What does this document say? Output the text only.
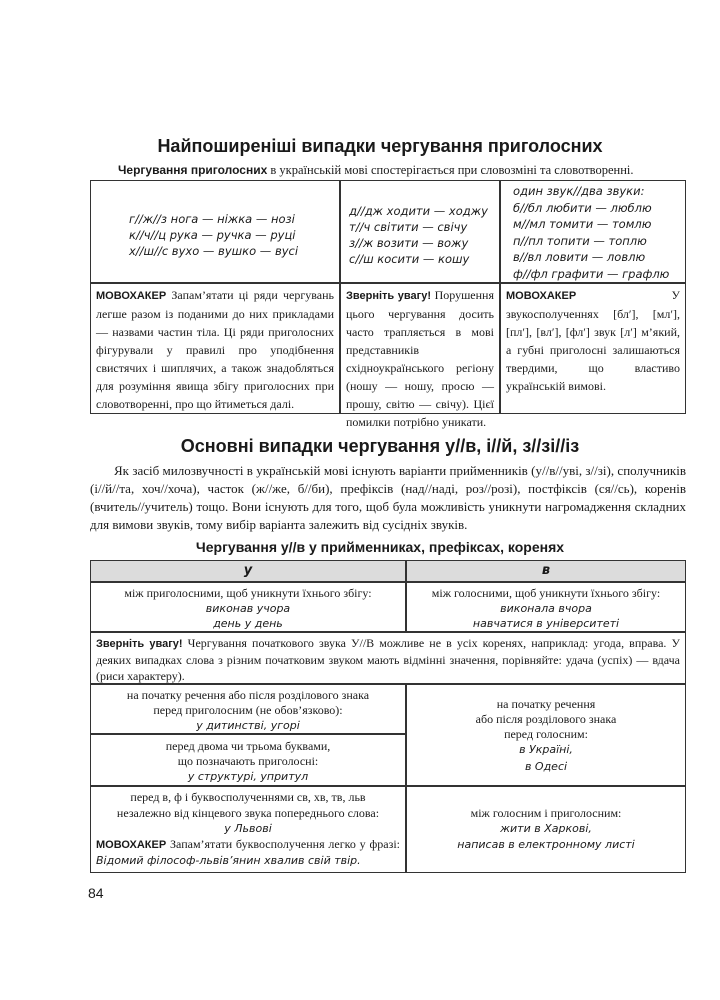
Найпоширеніші випадки чергування приголосних
Чергування приголосних в українській мові спостерігається при словозміні та словотворенні.
г//ж//з нога — ніжка — нозі
к//ч//ц рука — ручка — руці
х//ш//с вухо — вушко — вусі
д//дж ходити — ходжу
т//ч світити — свічу
з//ж возити — вожу
с//ш косити — кошу
один звук//два звуки:
б//бл любити — люблю
м//мл томити — томлю
п//пл топити — топлю
в//вл ловити — ловлю
ф//фл графити — графлю
МОВОХАКЕР Запам’ятати ці ряди чергувань легше разом із поданими до них прикладами — назвами частин тіла. Ці ряди приголосних фігурували у правилі про уподібнення свистячих і шиплячих, а також знадобляться для розуміння явища збігу приголосних при словотворенні, про що йтиметься далі.
Зверніть увагу! Порушення цього чергування досить часто трапляється в мові представників східноукраїнського регіону (ношу — ношу, просю — прошу, світю — свічу). Цієї помилки потрібно уникати.
МОВОХАКЕР У звукосполученнях [бл′], [мл′], [пл′], [вл′], [фл′] звук [л′] м’який, а губні приголосні залишаються твердими, що властиво українській вимові.
Основні випадки чергування у//в, і//й, з//зі//із
Як засіб милозвучності в українській мові існують варіанти прийменників (у//в//уві, з//зі), сполучників (і//й//та, хоч//хоча), часток (ж//же, б//би), префіксів (над//наді, роз//розі), постфіксів (ся//сь), коренів (вчитель//учитель) тощо. Вони існують для того, щоб була можливість уникнути нагромадження складних для вимови звуків, тому вибір варіанта залежить від сусідніх звуків.
Чергування у//в у прийменниках, префіксах, коренях
у	в
між приголосними, щоб уникнути їхнього збігу:
виконав учора
день у день
між голосними, щоб уникнути їхнього збігу:
виконала вчора
навчатися в університеті
Зверніть увагу! Чергування початкового звука У//В можливе не в усіх коренях, наприклад: угода, вправа. У деяких випадках слова з різним початковим звуком мають відмінні значення, порівняйте: удача (успіх) — вдача (риси характеру).
на початку речення або після розділового знака
перед приголосним (не обов’язково):
у дитинстві, угорі
перед двома чи трьома буквами,
що позначають приголосні:
у структурі, упритул
на початку речення
або після розділового знака
перед голосним:
в Україні,
в Одесі
перед в, ф і буквосполученнями св, хв, тв, льв
незалежно від кінцевого звука попереднього слова:
у Львові
МОВОХАКЕР Запам’ятати буквосполучення легко у фразі: Відомий філософ-львів’янин хвалив свій твір.
між голосним і приголосним:
жити в Харкові,
написав в електронному листі
84
